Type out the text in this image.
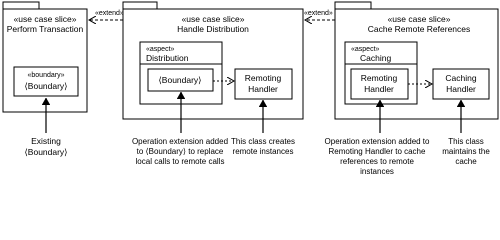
«use case slice»
Perform Transaction
«boundary»
⟨Boundary⟩
«use case slice»
Handle Distribution
«aspect»
Distribution
⟨Boundary⟩	Remoting
Handler
«use case slice»
Cache Remote References
«aspect»
Caching
Remoting
Handler
Caching
Handler
«extend»	«extend»
Existing
⟨Boundary⟩
Operation extension added
to ⟨Boundary⟩ to replace
local calls to remote calls
This class creates
remote instances
Operation extension added to
Remoting Handler to cache
references to remote
instances
This class
maintains the
cache
